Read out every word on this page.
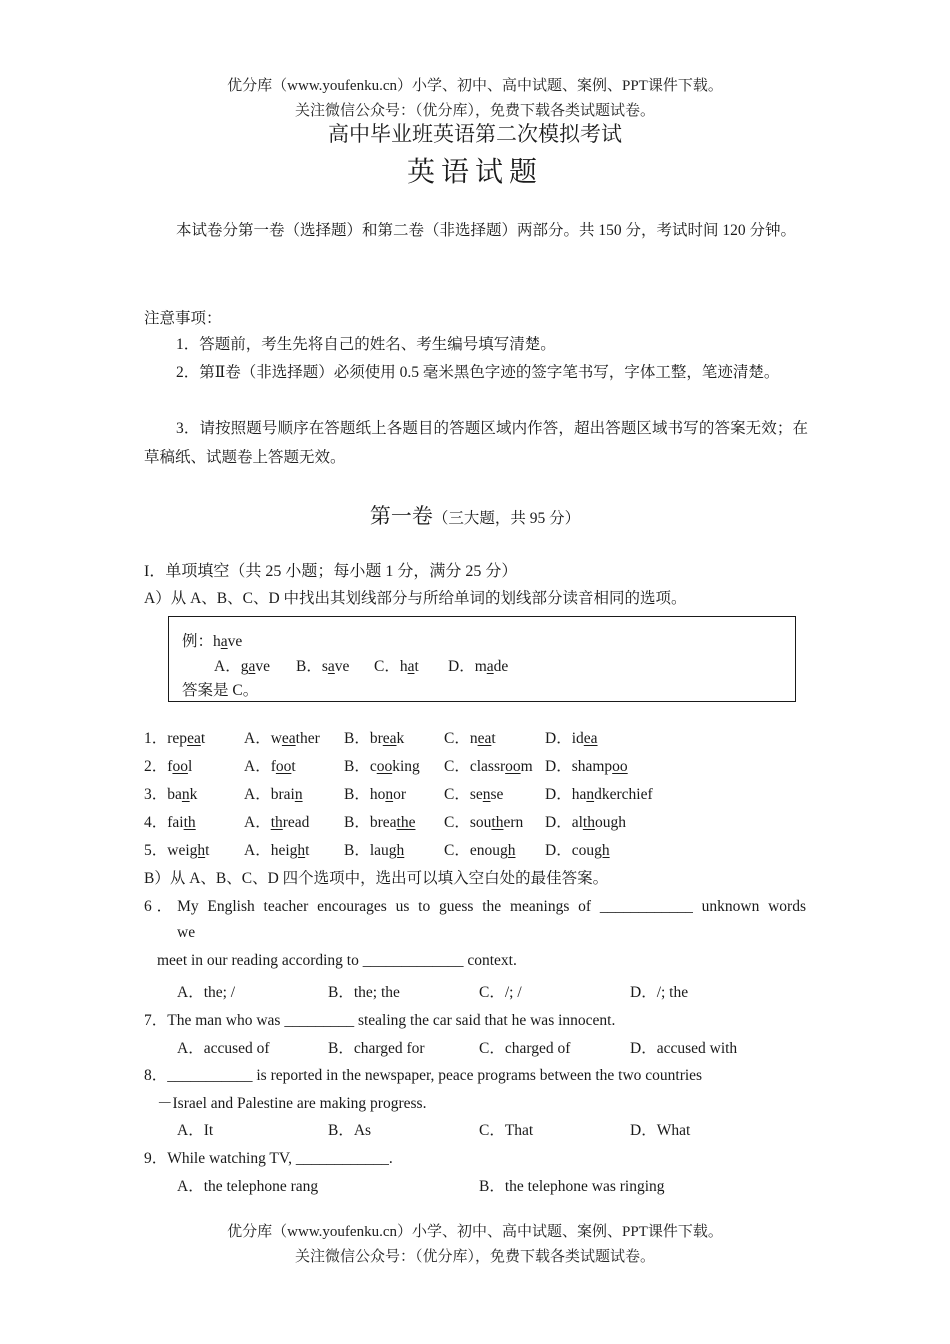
优分库（www.youfenku.cn）小学、初中、高中试题、案例、PPT课件下载。
关注微信公众号：（优分库），免费下载各类试题试卷。
高中毕业班英语第二次模拟考试
英语试题
本试卷分第一卷（选择题）和第二卷（非选择题）两部分。共 150 分，考试时间 120 分钟。
注意事项：
1．答题前，考生先将自己的姓名、考生编号填写清楚。
2．第Ⅱ卷（非选择题）必须使用 0.5 毫米黑色字迹的签字笔书写，字体工整，笔迹清楚。
3．请按照题号顺序在答题纸上各题目的答题区域内作答，超出答题区域书写的答案无效；在草稿纸、试题卷上答题无效。
第一卷（三大题，共 95 分）
I．单项填空（共 25 小题；每小题 1 分，满分 25 分）
A）从 A、B、C、D 中找出其划线部分与所给单词的划线部分读音相同的选项。
例：have
A．gave B．save C．hat D．made
答案是 C。
1．repeat	A．weather B．break	C．neat	D．idea
2．fool	A．foot	B．cooking C．classroom D．shampoo
3．bank	A．brain	B．honor C．sense	D．handkerchief
4．faith	A．thread B．breathe C．southern D．although
5．weight A．height B．laugh	C．enough D．cough
B）从 A、B、C、D 四个选项中，选出可以填入空白处的最佳答案。
6．My English teacher encourages us to guess the meanings of ____________ unknown words
we
meet in our reading according to _____________ context.
A．the; /	B．the; the	C．/; /	D．/; the
7．The man who was _________ stealing the car said that he was innocent.
A．accused of	B．charged for	C．charged of	D．accused with
8．___________ is reported in the newspaper, peace programs between the two countries
－Israel and Palestine are making progress.
A．It	B．As	C．That	D．What
9．While watching TV, ____________.
A．the telephone rang	B．the telephone was ringing
优分库（www.youfenku.cn）小学、初中、高中试题、案例、PPT课件下载。
关注微信公众号：（优分库），免费下载各类试题试卷。
